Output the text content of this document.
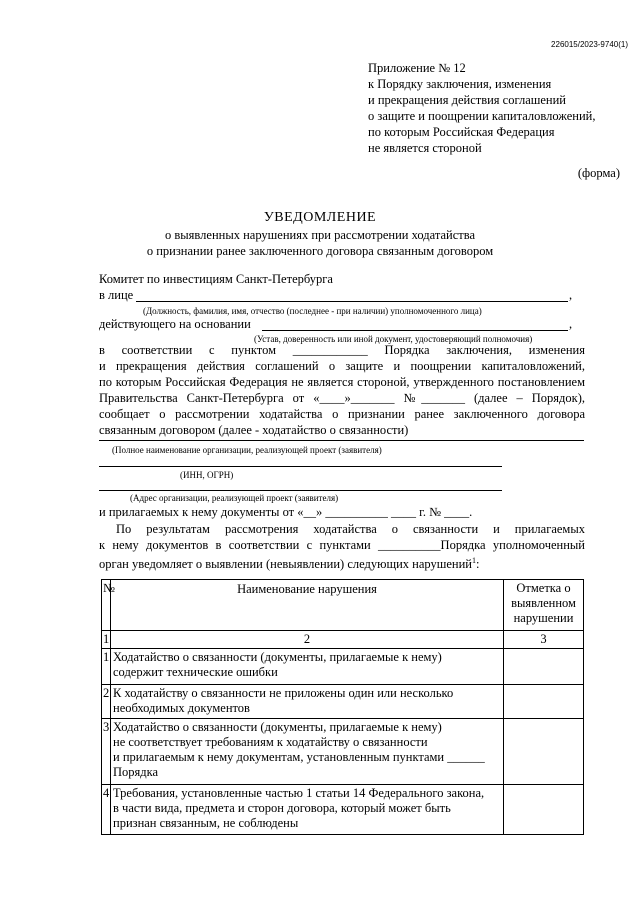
226015/2023-9740(1)
Приложение № 12
к Порядку заключения, изменения
и прекращения действия соглашений
о защите и поощрении капиталовложений,
по которым Российская Федерация
не является стороной
(форма)
УВЕДОМЛЕНИЕ
о выявленных нарушениях при рассмотрении ходатайства
о признании ранее заключенного договора связанным договором
Комитет по инвестициям Санкт-Петербурга
в лице	,
(Должность, фамилия, имя, отчество (последнее - при наличии) уполномоченного лица)
действующего на основании	,
(Устав, доверенность или иной документ, удостоверяющий полномочия)
в соответствии с пунктом ____________ Порядка заключения, изменения
и прекращения действия соглашений о защите и поощрении капиталовложений,
по которым Российская Федерация не является стороной, утвержденного постановлением
Правительства Санкт-Петербурга от «____»_______ №_______ (далее – Порядок),
сообщает о рассмотрении ходатайства о признании ранее заключенного договора
связанным договором (далее - ходатайство о связанности)
(Полное наименование организации, реализующей проект (заявителя)
(ИНН, ОГРН)
(Адрес организации, реализующей проект (заявителя)
и прилагаемых к нему документы от «__» __________ ____ г. № ____.
По результатам рассмотрения ходатайства о связанности и прилагаемых
к нему документов в соответствии с пунктами __________Порядка уполномоченный
орган уведомляет о выявлении (невыявлении) следующих нарушений$^1$:
№	Наименование нарушения	Отметка о выявленном нарушении
1	2	3
1	Ходатайство о связанности (документы, прилагаемые к нему)
содержит технические ошибки	

2	К ходатайству о связанности не приложены один или несколько
необходимых документов	

3	Ходатайство о связанности (документы, прилагаемые к нему)
не соответствует требованиям к ходатайству о связанности
и прилагаемым к нему документам, установленным пунктами ______
Порядка	

4	Требования, установленные частью 1 статьи 14 Федерального закона,
в части вида, предмета и сторон договора, который может быть
признан связанным, не соблюдены	
